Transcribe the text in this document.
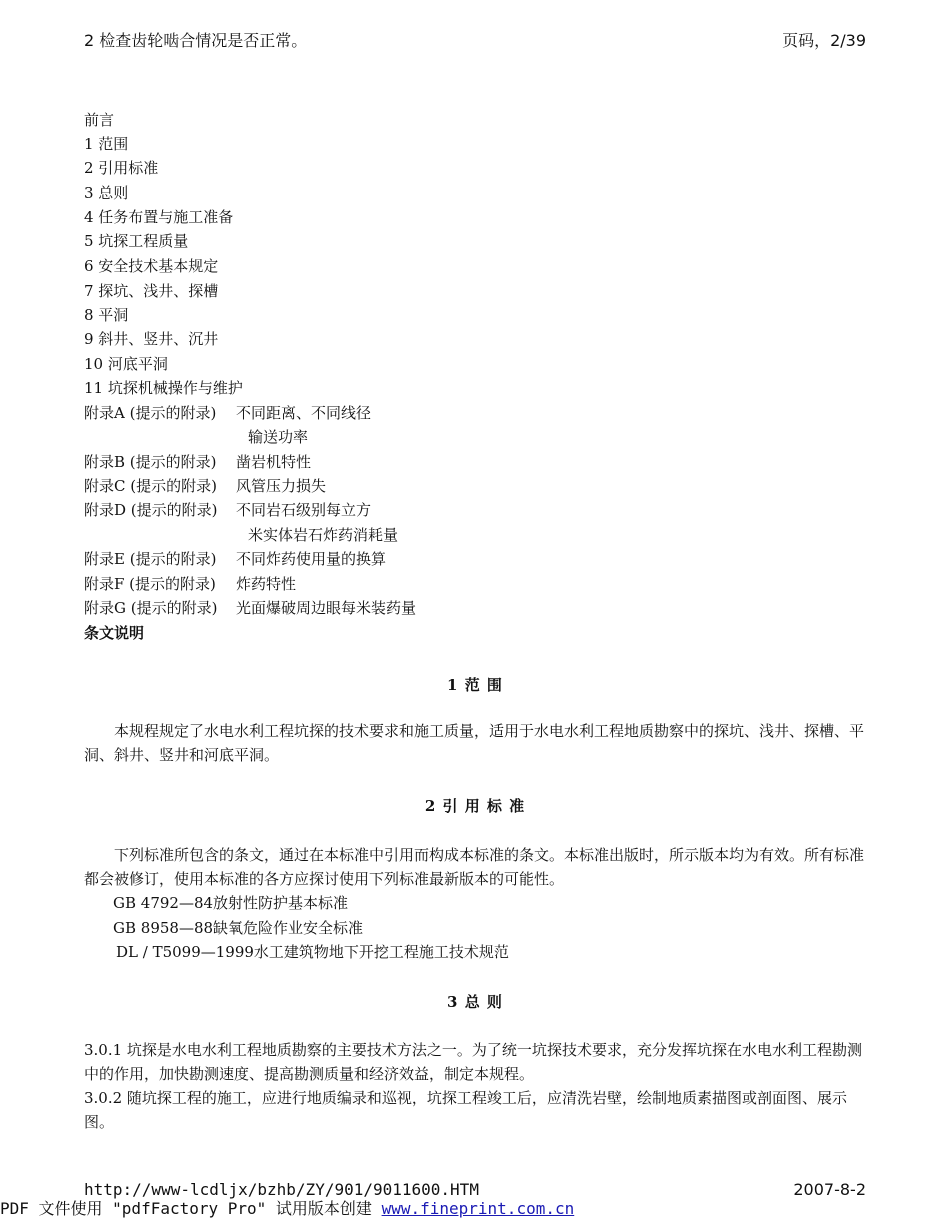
2 检查齿轮啮合情况是否正常。	页码，2/39
前言
1 范围
2 引用标准
3 总则
4 任务布置与施工准备
5 坑探工程质量
6 安全技术基本规定
7 探坑、浅井、探槽
8 平洞
9 斜井、竖井、沉井
10 河底平洞
11 坑探机械操作与维护
附录A (提示的附录) 不同距离、不同线径
输送功率
附录B (提示的附录) 凿岩机特性
附录C (提示的附录) 风管压力损失
附录D (提示的附录) 不同岩石级别每立方
米实体岩石炸药消耗量
附录E (提示的附录) 不同炸药使用量的换算
附录F (提示的附录) 炸药特性
附录G (提示的附录) 光面爆破周边眼每米装药量
条文说明
1 范 围
本规程规定了水电水利工程坑探的技术要求和施工质量，适用于水电水利工程地质勘察中的探坑、浅井、探槽、平洞、斜井、竖井和河底平洞。
2 引 用 标 准
下列标准所包含的条文，通过在本标准中引用而构成本标准的条文。本标准出版时，所示版本均为有效。所有标准都会被修订，使用本标准的各方应探讨使用下列标准最新版本的可能性。
GB 4792—84放射性防护基本标准
GB 8958—88缺氧危险作业安全标准
DL / T5099—1999水工建筑物地下开挖工程施工技术规范
3 总 则
3.0.1 坑探是水电水利工程地质勘察的主要技术方法之一。为了统一坑探技术要求，充分发挥坑探在水电水利工程勘测中的作用，加快勘测速度、提高勘测质量和经济效益，制定本规程。
3.0.2 随坑探工程的施工，应进行地质编录和巡视，坑探工程竣工后，应清洗岩壁，绘制地质素描图或剖面图、展示图。
http://www-lcdljx/bzhb/ZY/901/9011600.HTM	2007-8-2
PDF 文件使用 "pdfFactory Pro" 试用版本创建 www.fineprint.com.cn
